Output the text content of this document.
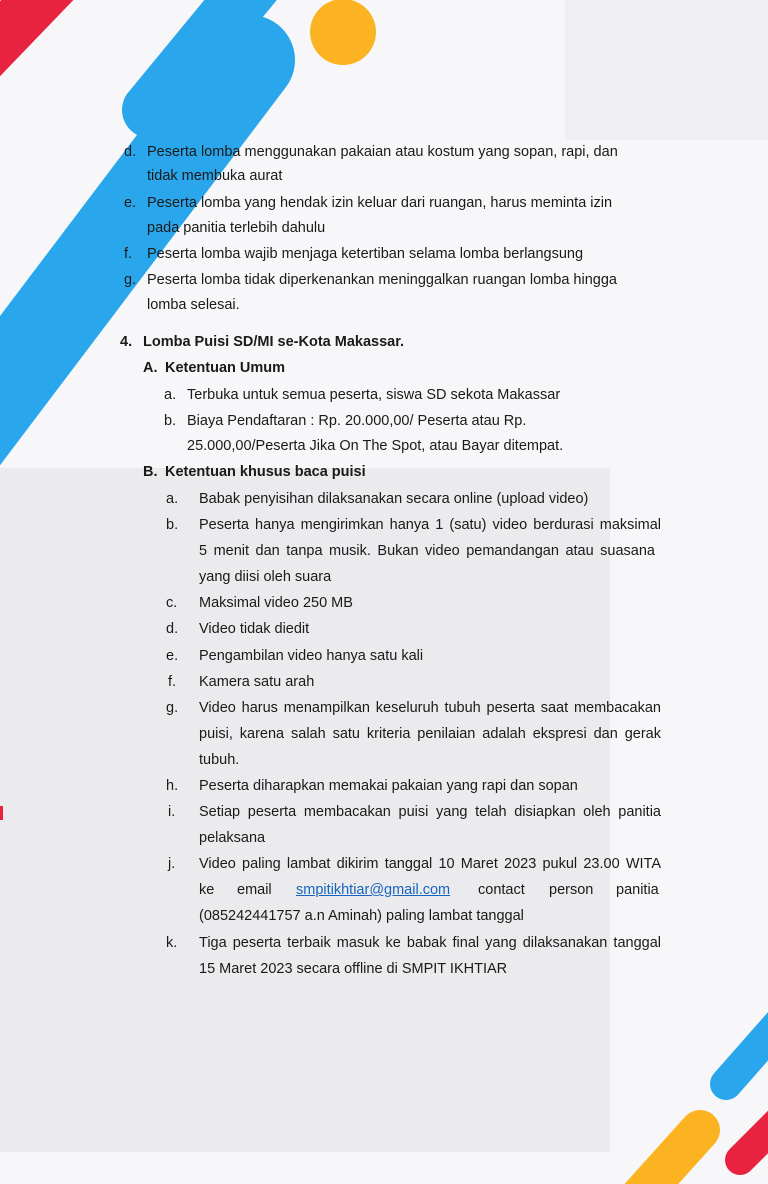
d. Peserta lomba menggunakan pakaian atau kostum yang sopan, rapi, dan
tidak membuka aurat
e. Peserta lomba yang hendak izin keluar dari ruangan, harus meminta izin
pada panitia terlebih dahulu
f. Peserta lomba wajib menjaga ketertiban selama lomba berlangsung
g. Peserta lomba tidak diperkenankan meninggalkan ruangan lomba hingga
lomba selesai.
4. Lomba Puisi SD/MI se-Kota Makassar.
A. Ketentuan Umum
a. Terbuka untuk semua peserta, siswa SD sekota Makassar
b. Biaya Pendaftaran : Rp. 20.000,00/ Peserta atau Rp.
25.000,00/Peserta Jika On The Spot, atau Bayar ditempat.
B. Ketentuan khusus baca puisi
a. Babak penyisihan dilaksanakan secara online (upload video)
b. Peserta hanya mengirimkan hanya 1 (satu) video berdurasi maksimal
5 menit dan tanpa musik. Bukan video pemandangan atau suasana
yang diisi oleh suara
c. Maksimal video 250 MB
d. Video tidak diedit
e. Pengambilan video hanya satu kali
f. Kamera satu arah
g. Video harus menampilkan keseluruh tubuh peserta saat membacakan
puisi, karena salah satu kriteria penilaian adalah ekspresi dan gerak
tubuh.
h. Peserta diharapkan memakai pakaian yang rapi dan sopan
i. Setiap peserta membacakan puisi yang telah disiapkan oleh panitia
pelaksana
j. Video paling lambat dikirim tanggal 10 Maret 2023 pukul 23.00 WITA
ke email smpitikhtiar@gmail.com contact person panitia
(085242441757 a.n Aminah) paling lambat tanggal
k. Tiga peserta terbaik masuk ke babak final yang dilaksanakan tanggal
15 Maret 2023 secara offline di SMPIT IKHTIAR
